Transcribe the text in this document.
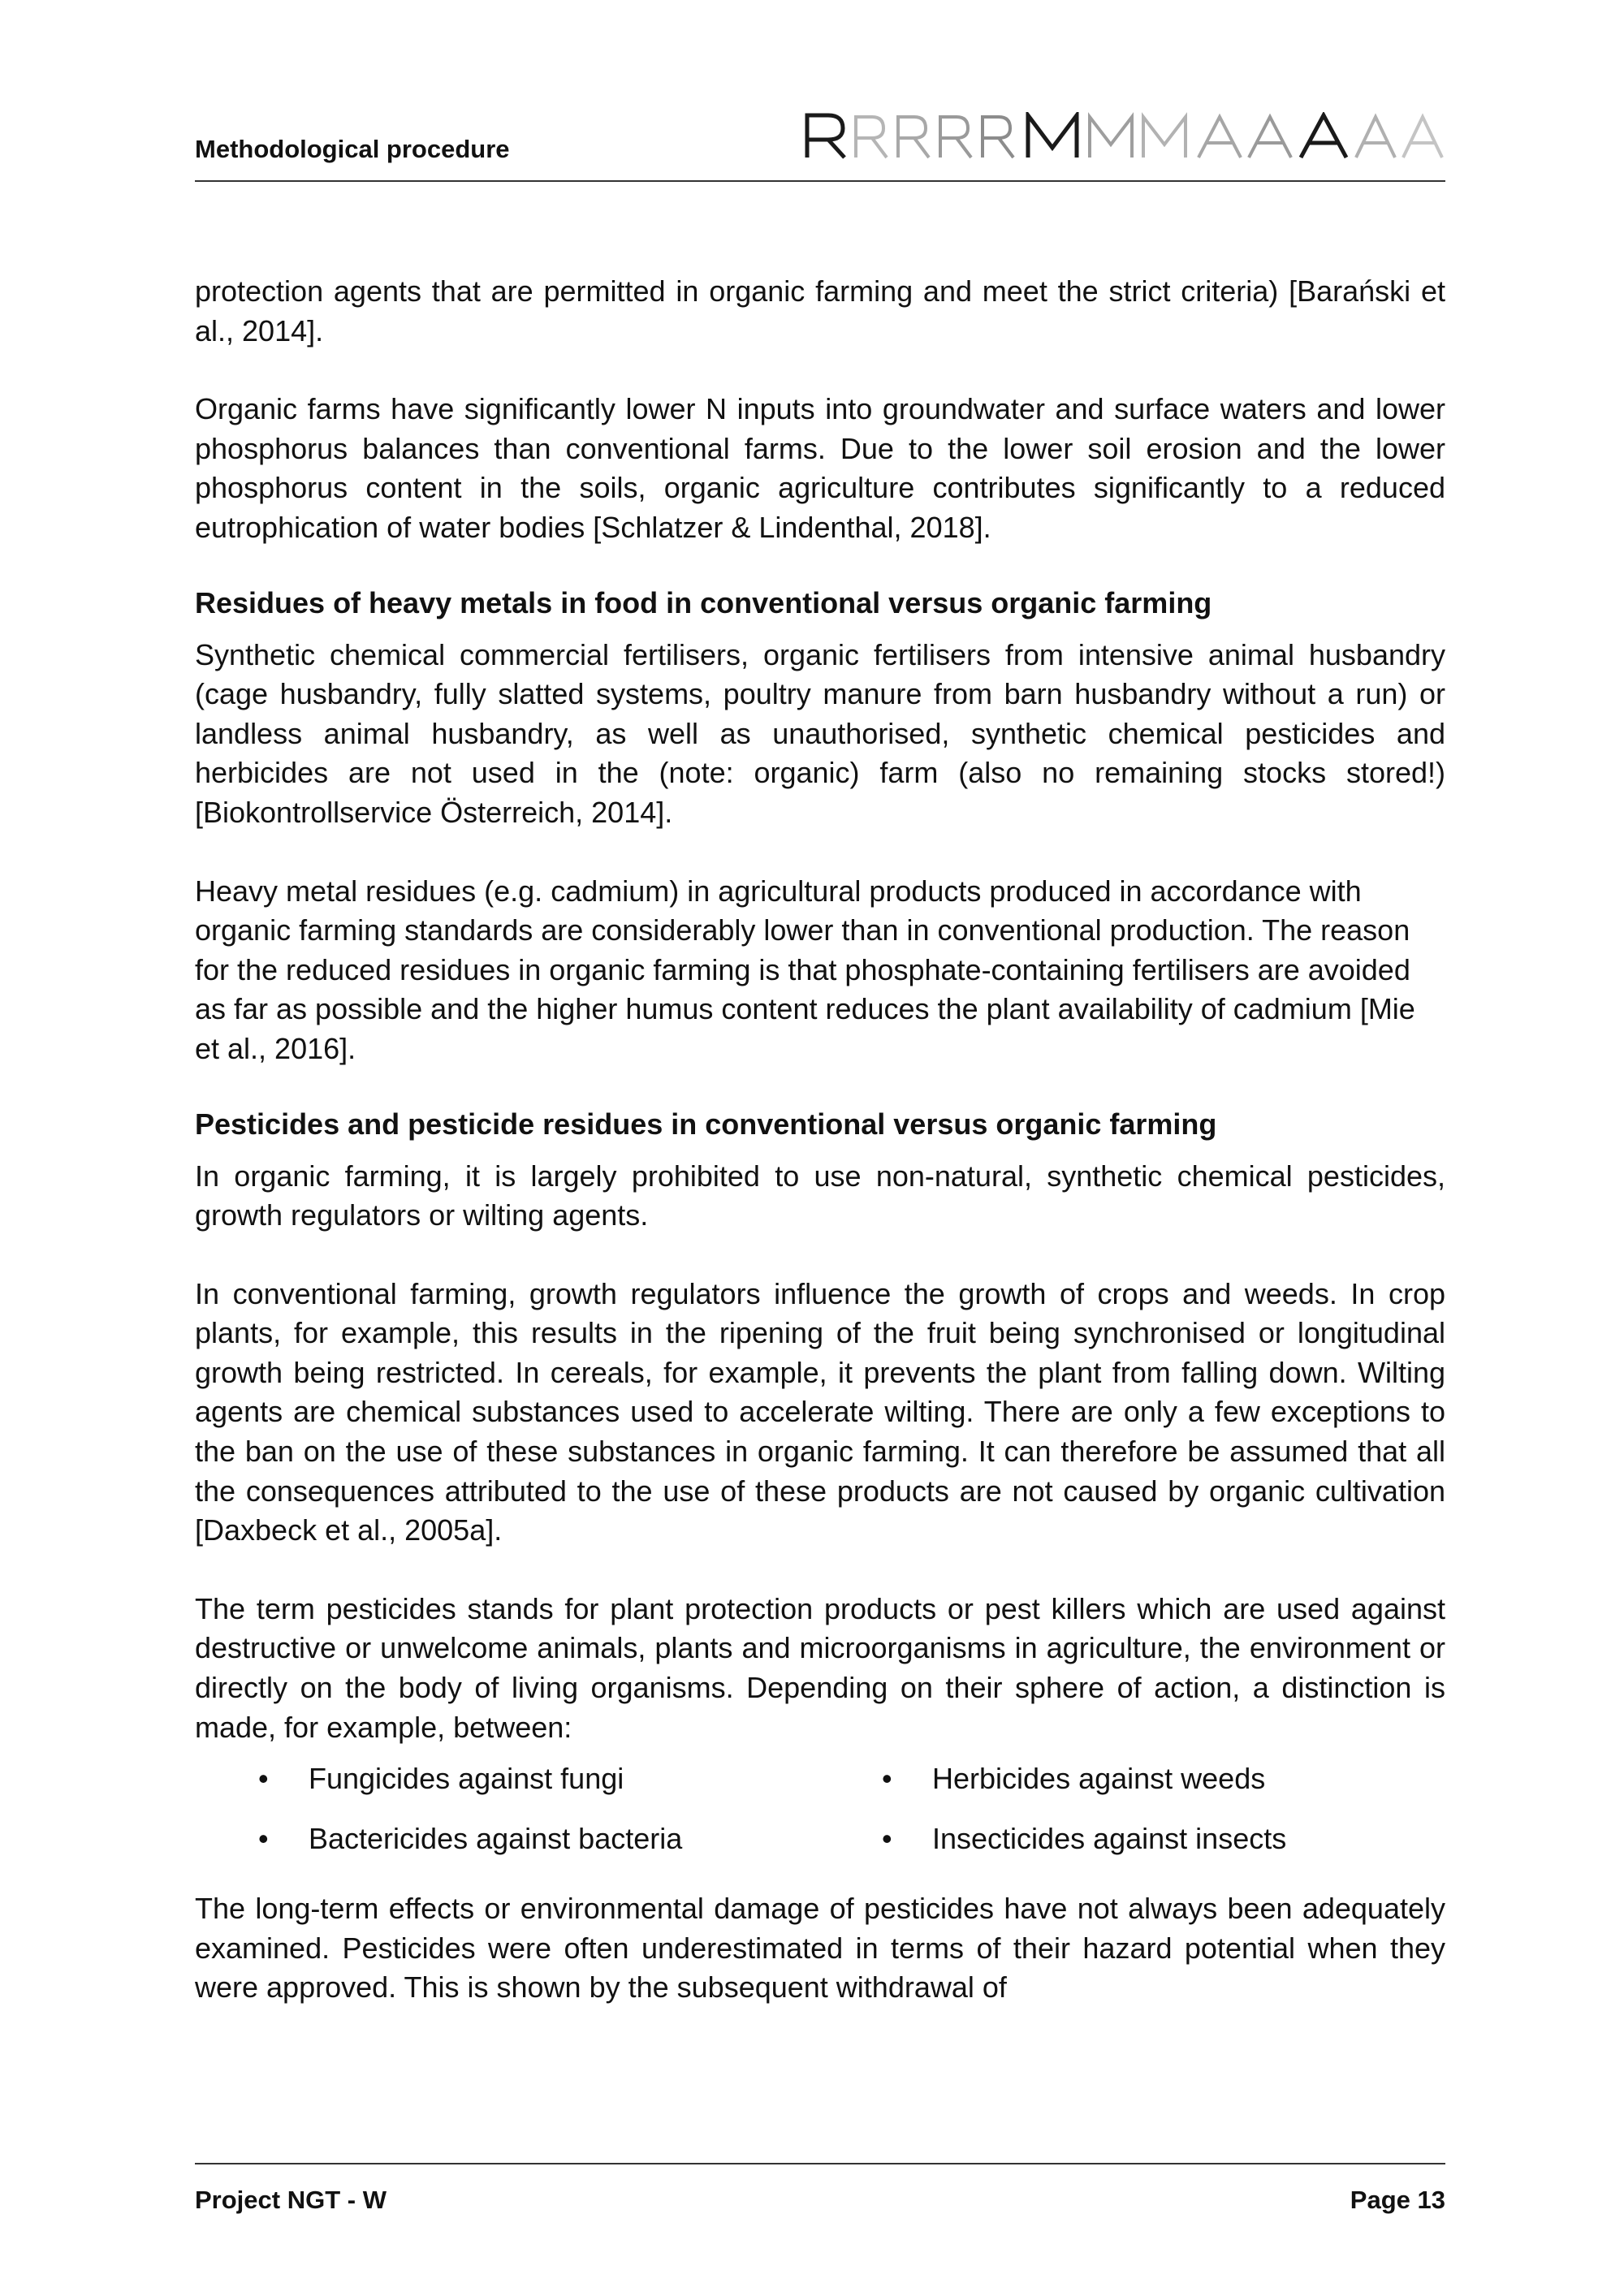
Methodological procedure

protection agents that are permitted in organic farming and meet the strict criteria) [Barański et al., 2014].

Organic farms have significantly lower N inputs into groundwater and surface waters and lower phosphorus balances than conventional farms. Due to the lower soil erosion and the lower phosphorus content in the soils, organic agriculture contributes significantly to a reduced eutrophication of water bodies [Schlatzer & Lindenthal, 2018].

Residues of heavy metals in food in conventional versus organic farming

Synthetic chemical commercial fertilisers, organic fertilisers from intensive animal husbandry (cage husbandry, fully slatted systems, poultry manure from barn husbandry without a run) or landless animal husbandry, as well as unauthorised, synthetic chemical pesticides and herbicides are not used in the (note: organic) farm (also no remaining stocks stored!) [Biokontrollservice Österreich, 2014].

Heavy metal residues (e.g. cadmium) in agricultural products produced in accordance with organic farming standards are considerably lower than in conventional production. The reason for the reduced residues in organic farming is that phosphate-containing fertilisers are avoided as far as possible and the higher humus content reduces the plant availability of cadmium [Mie et al., 2016].

Pesticides and pesticide residues in conventional versus organic farming

In organic farming, it is largely prohibited to use non-natural, synthetic chemical pesticides, growth regulators or wilting agents.

In conventional farming, growth regulators influence the growth of crops and weeds. In crop plants, for example, this results in the ripening of the fruit being synchronised or longitudinal growth being restricted. In cereals, for example, it prevents the plant from falling down. Wilting agents are chemical substances used to accelerate wilting. There are only a few exceptions to the ban on the use of these substances in organic farming. It can therefore be assumed that all the consequences attributed to the use of these products are not caused by organic cultivation [Daxbeck et al., 2005a].

The term pesticides stands for plant protection products or pest killers which are used against destructive or unwelcome animals, plants and microorganisms in agriculture, the environment or directly on the body of living organisms. Depending on their sphere of action, a distinction is made, for example, between:

• Fungicides against fungi	• Herbicides against weeds
• Bactericides against bacteria	• Insecticides against insects

The long-term effects or environmental damage of pesticides have not always been adequately examined. Pesticides were often underestimated in terms of their hazard potential when they were approved. This is shown by the subsequent withdrawal of

Project NGT - W	Page 13
